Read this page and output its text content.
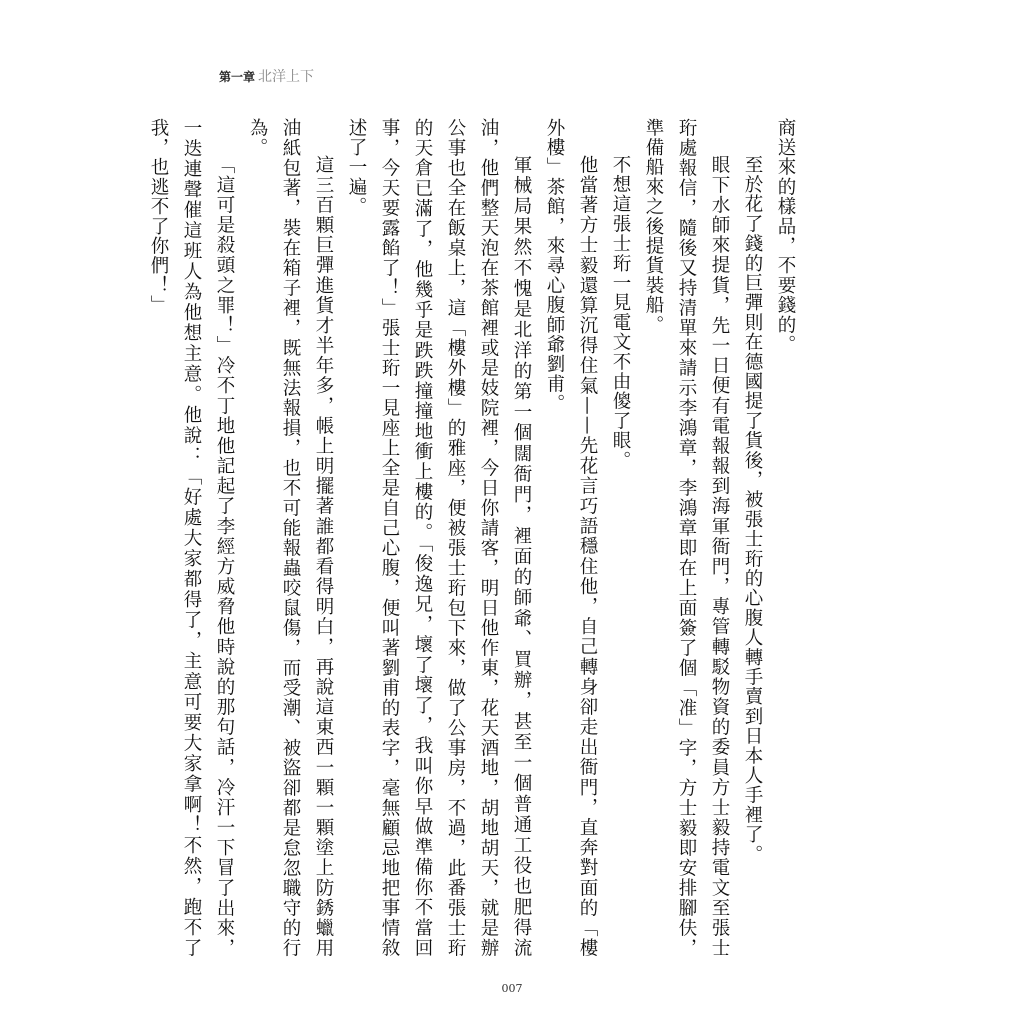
第一章 北洋上下

商送來的樣品，不要錢的。

至於花了錢的巨彈則在德國提了貨後，被張士珩的心腹人轉手賣到日本人手裡了。

眼下水師來提貨，先一日便有電報報到海軍衙門，專管轉駁物資的委員方士毅持電文至張士珩處報信，隨後又持清單來請示李鴻章，李鴻章即在上面簽了個「准」字，方士毅即安排腳伕，準備船來之後提貨裝船。

不想這張士珩一見電文不由傻了眼。

他當著方士毅還算沉得住氣——先花言巧語穩住他，自己轉身卻走出衙門，直奔對面的「樓外樓」茶館，來尋心腹師爺劉甫。

軍械局果然不愧是北洋的第一個闊衙門，裡面的師爺、買辦，甚至一個普通工役也肥得流油，他們整天泡在茶館裡或是妓院裡，今日你請客，明日他作東，花天酒地，胡地胡天，就是辦公事也全在飯桌上，這「樓外樓」的雅座，便被張士珩包下來，做了公事房，不過，此番張士珩的天倉已滿了，他幾乎是跌跌撞撞地衝上樓的。「俊逸兄，壞了壞了，我叫你早做準備你不當回事，今天要露餡了！」張士珩一見座上全是自己心腹，便叫著劉甫的表字，毫無顧忌地把事情敘述了一遍。

這三百顆巨彈進貨才半年多，帳上明擺著誰都看得明白，再說這東西一顆一顆塗上防銹蠟用油紙包著，裝在箱子裡，既無法報損，也不可能報蟲咬鼠傷，而受潮、被盜卻都是怠忽職守的行為。

「這可是殺頭之罪！」冷不丁地他記起了李經方威脅他時說的那句話，冷汗一下冒了出來，一迭連聲催這班人為他想主意。他說：「好處大家都得了，主意可要大家拿啊！不然，跑不了我，也逃不了你們！」

007
